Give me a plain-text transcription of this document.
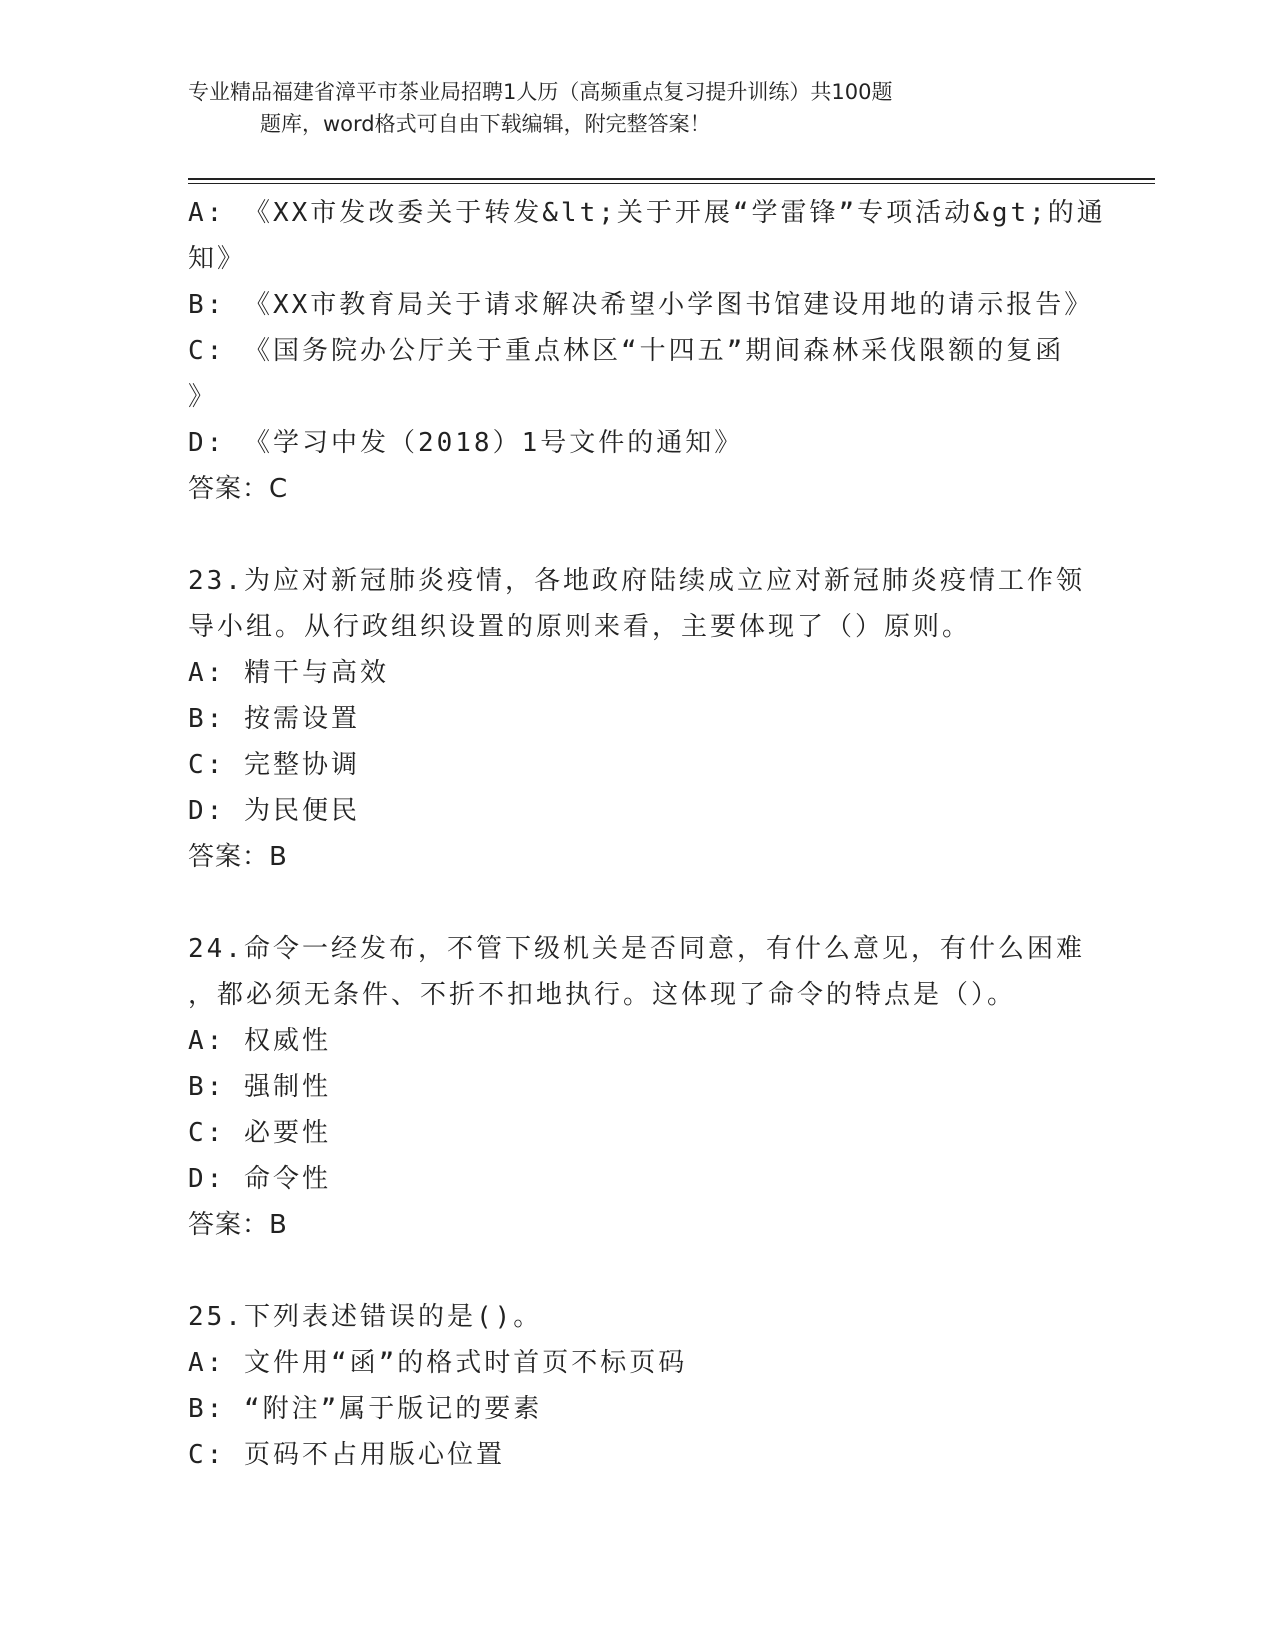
专业精品福建省漳平市茶业局招聘1人历（高频重点复习提升训练）共100题
题库，word格式可自由下载编辑，附完整答案！
A: 《XX市发改委关于转发&lt;关于开展“学雷锋”专项活动&gt;的通
知》
B: 《XX市教育局关于请求解决希望小学图书馆建设用地的请示报告》
C: 《国务院办公厅关于重点林区“十四五”期间森林采伐限额的复函
》
D: 《学习中发（2018）1号文件的通知》
答案：C
23.为应对新冠肺炎疫情，各地政府陆续成立应对新冠肺炎疫情工作领
导小组。从行政组织设置的原则来看，主要体现了（）原则。
A: 精干与高效
B: 按需设置
C: 完整协调
D: 为民便民
答案：B
24.命令一经发布，不管下级机关是否同意，有什么意见，有什么困难
，都必须无条件、不折不扣地执行。这体现了命令的特点是（）。
A: 权威性
B: 强制性
C: 必要性
D: 命令性
答案：B
25.下列表述错误的是()。
A: 文件用“函”的格式时首页不标页码
B: “附注”属于版记的要素
C: 页码不占用版心位置
